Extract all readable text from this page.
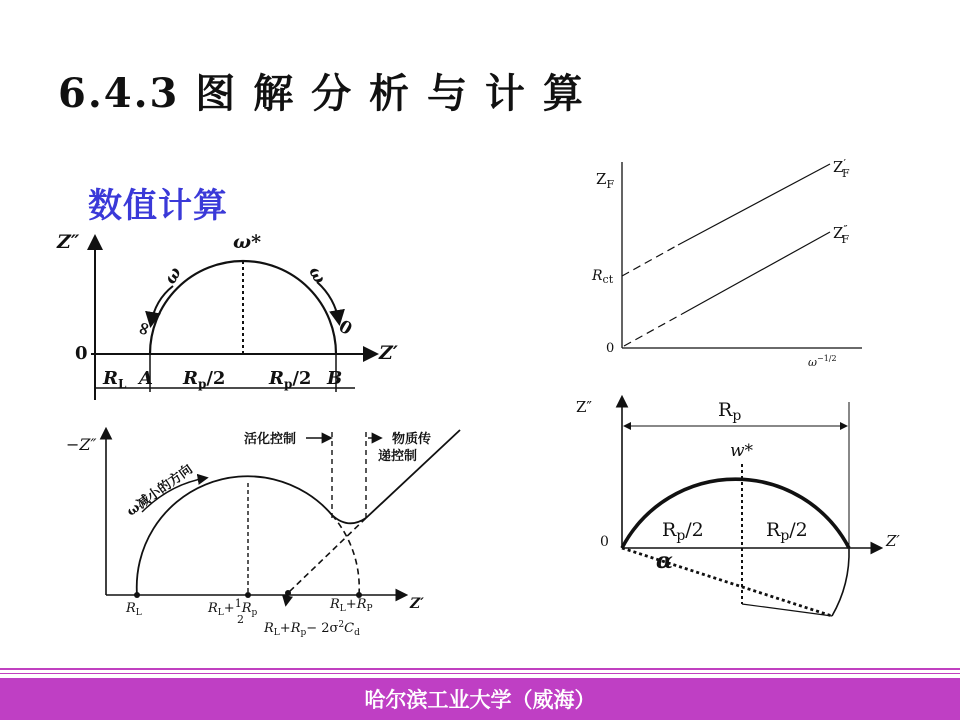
6.4.3 图 解 分 析 与 计 算
数值计算
Z″
Z′
0
ω*
ω
∞
ω
0
$R_L$ A	B
$R_p/2$ $R_p/2$
−Z″
Z′
活化控制	物质传
递控制
ω减小的方向
$R_L$	$R_L+^1R_p$
2
$R_L+R_P$
$R_L+R_p- 2\sigma^2C_d$
$Z_F$
Z′ F
Z″ F
$R_{ct}$
0
$\omega^{-1/2}$
Z″
Z′
0
$R_p$
w*
$R_p/2$	$R_p/2$
α
哈尔滨工业大学（威海）
